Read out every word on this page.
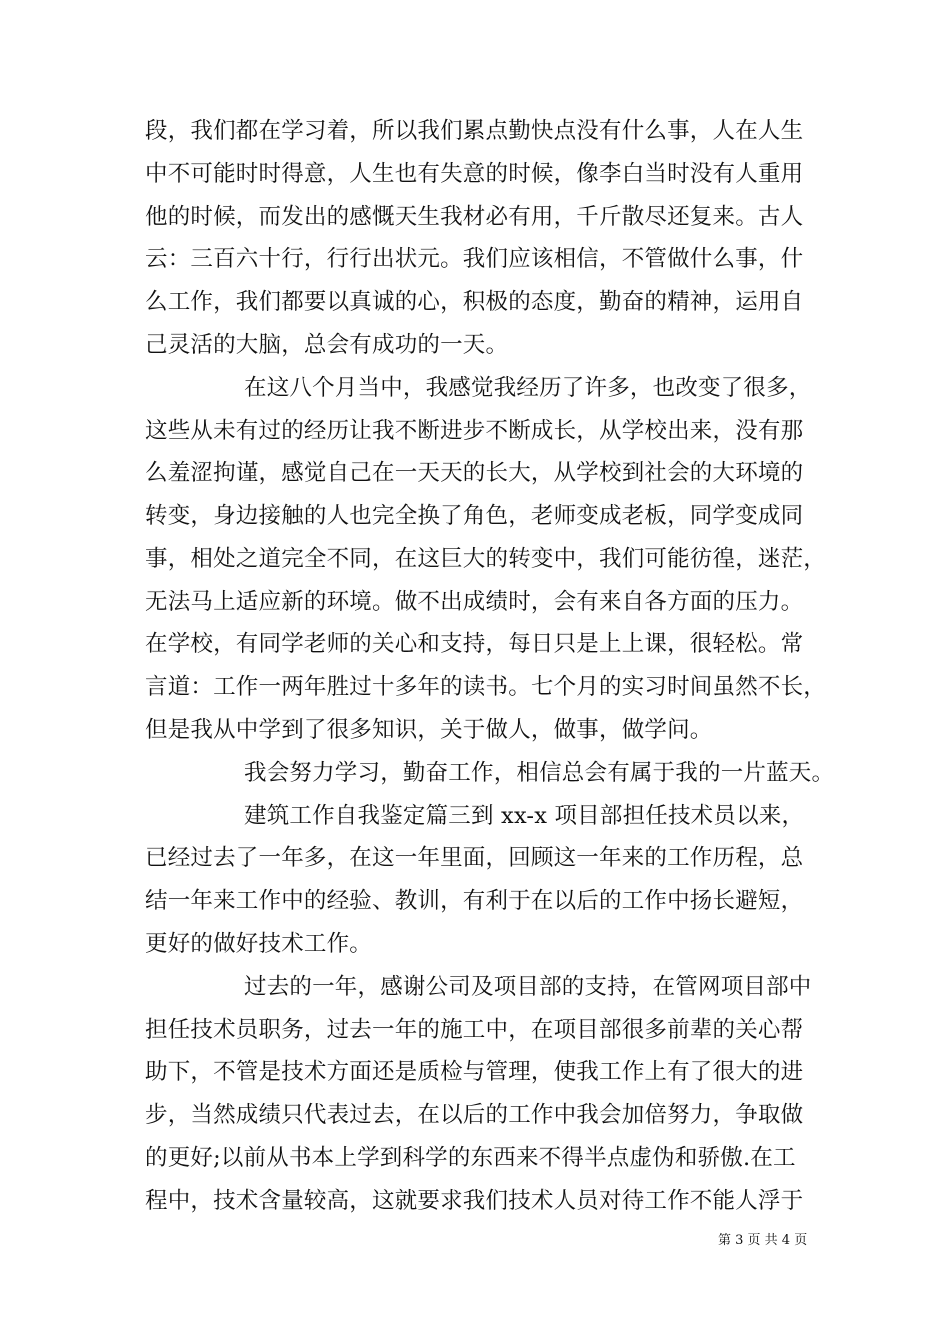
段，我们都在学习着，所以我们累点勤快点没有什么事，人在人生
中不可能时时得意，人生也有失意的时候，像李白当时没有人重用
他的时候，而发出的感慨天生我材必有用，千斤散尽还复来。古人
云：三百六十行，行行出状元。我们应该相信，不管做什么事，什
么工作，我们都要以真诚的心，积极的态度，勤奋的精神，运用自
己灵活的大脑，总会有成功的一天。
在这八个月当中，我感觉我经历了许多，也改变了很多，
这些从未有过的经历让我不断进步不断成长，从学校出来，没有那
么羞涩拘谨，感觉自己在一天天的长大，从学校到社会的大环境的
转变，身边接触的人也完全换了角色，老师变成老板，同学变成同
事，相处之道完全不同，在这巨大的转变中，我们可能彷徨，迷茫，
无法马上适应新的环境。做不出成绩时，会有来自各方面的压力。
在学校，有同学老师的关心和支持，每日只是上上课，很轻松。常
言道：工作一两年胜过十多年的读书。七个月的实习时间虽然不长，
但是我从中学到了很多知识，关于做人，做事，做学问。
我会努力学习，勤奋工作，相信总会有属于我的一片蓝天。
建筑工作自我鉴定篇三到 xx-x 项目部担任技术员以来，
已经过去了一年多，在这一年里面，回顾这一年来的工作历程，总
结一年来工作中的经验、教训，有利于在以后的工作中扬长避短，
更好的做好技术工作。
过去的一年，感谢公司及项目部的支持，在管网项目部中
担任技术员职务，过去一年的施工中，在项目部很多前辈的关心帮
助下，不管是技术方面还是质检与管理，使我工作上有了很大的进
步，当然成绩只代表过去，在以后的工作中我会加倍努力，争取做
的更好;以前从书本上学到科学的东西来不得半点虚伪和骄傲.在工
程中，技术含量较高，这就要求我们技术人员对待工作不能人浮于
第 3 页 共 4 页
